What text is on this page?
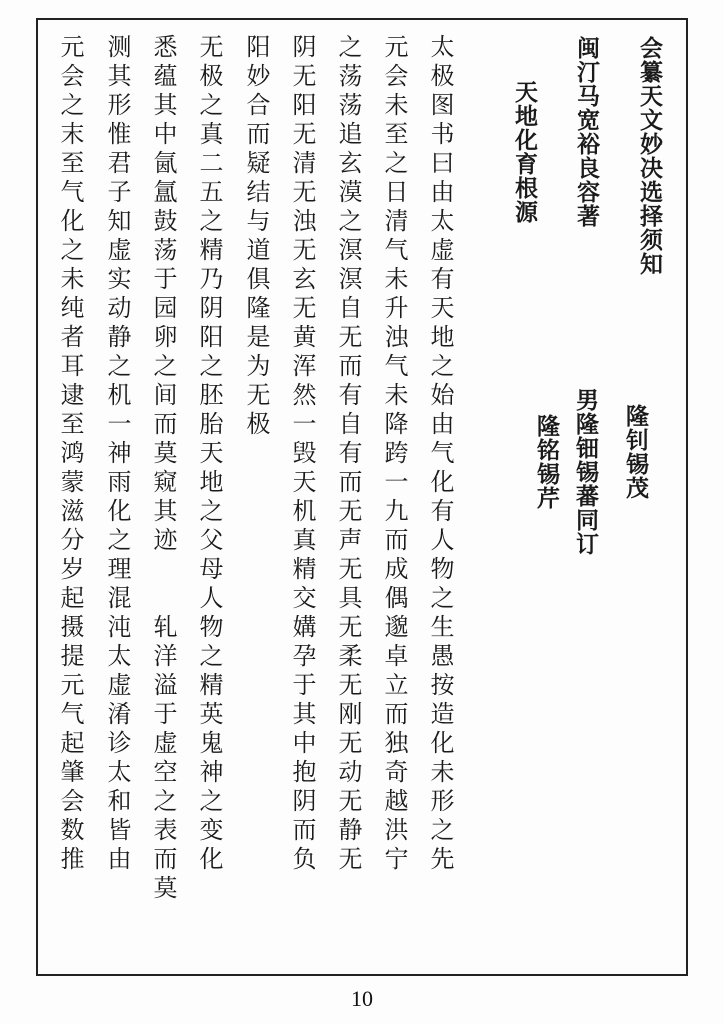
会纂天文妙决选择须知
闽汀马宽裕良容著
天地化育根源
隆钊锡茂
男隆钿锡蕃同订
隆铭锡芹
太极图书曰由太虚有天地之始由气化有人物之生愚按造化未形之先
元会未至之日清气未升浊气未降跨一九而成偶邈卓立而独奇越洪宁
之荡荡追玄漠之溟溟自无而有自有而无声无具无柔无刚无动无静无
阴无阳无清无浊无玄无黄浑然一毁天机真精交媾孕于其中抱阴而负
阳妙合而疑结与道俱隆是为无极
无极之真二五之精乃阴阳之胚胎天地之父母人物之精英鬼神之变化
悉蕴其中氤氲鼓荡于园卵之间而莫窥其迹　　轧洋溢于虚空之表而莫
测其形惟君子知虚实动静之机一神雨化之理混沌太虚淆诊太和皆由
元会之末至气化之未纯者耳逮至鸿蒙滋分岁起摄提元气起肇会数推
10
